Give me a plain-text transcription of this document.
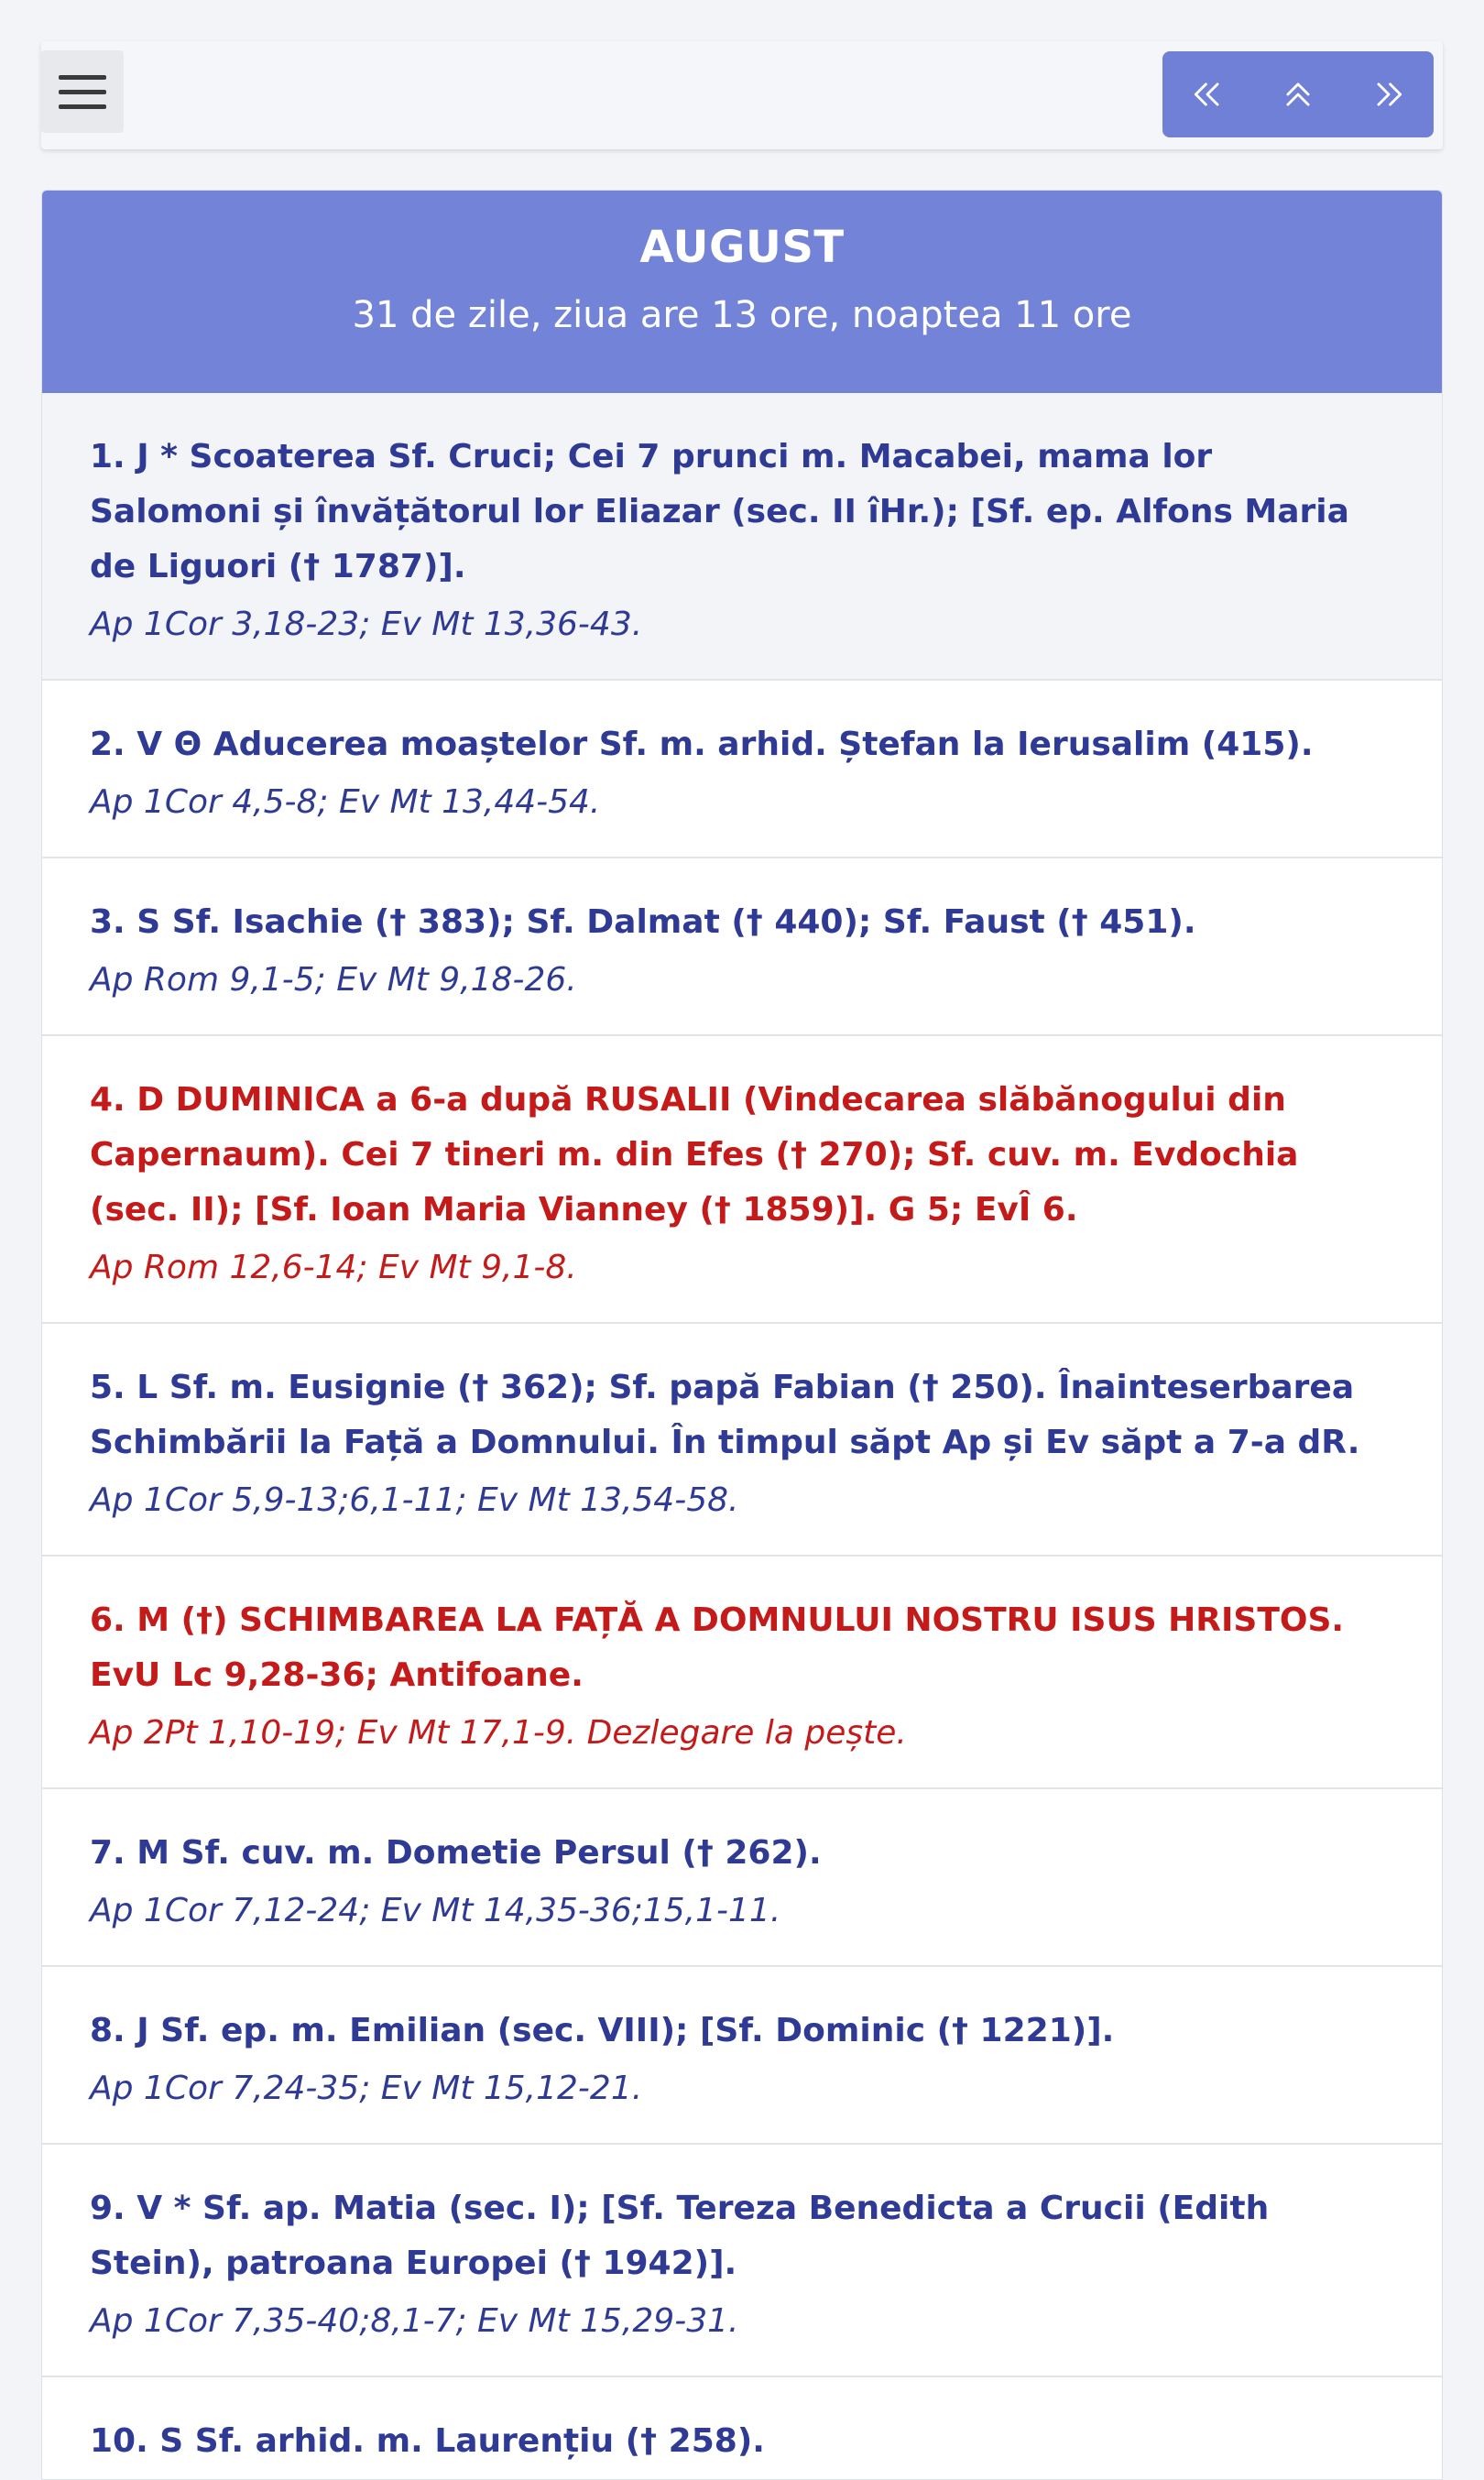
AUGUST
31 de zile, ziua are 13 ore, noaptea 11 ore
1. J * Scoaterea Sf. Cruci; Cei 7 prunci m. Macabei, mama lor Salomoni și învățătorul lor Eliazar (sec. II îHr.); [Sf. ep. Alfons Maria de Liguori († 1787)].
Ap 1Cor 3,18-23; Ev Mt 13,36-43.
2. V Θ Aducerea moaștelor Sf. m. arhid. Ștefan la Ierusalim (415).
Ap 1Cor 4,5-8; Ev Mt 13,44-54.
3. S Sf. Isachie († 383); Sf. Dalmat († 440); Sf. Faust († 451).
Ap Rom 9,1-5; Ev Mt 9,18-26.
4. D DUMINICA a 6-a după RUSALII (Vindecarea slăbănogului din Capernaum). Cei 7 tineri m. din Efes († 270); Sf. cuv. m. Evdochia (sec. II); [Sf. Ioan Maria Vianney († 1859)]. G 5; EvÎ 6.
Ap Rom 12,6-14; Ev Mt 9,1-8.
5. L Sf. m. Eusignie († 362); Sf. papă Fabian († 250). Înainteserbarea Schimbării la Față a Domnului. În timpul săpt Ap și Ev săpt a 7-a dR.
Ap 1Cor 5,9-13;6,1-11; Ev Mt 13,54-58.
6. M (†) SCHIMBAREA LA FAȚĂ A DOMNULUI NOSTRU ISUS HRISTOS. EvU Lc 9,28-36; Antifoane.
Ap 2Pt 1,10-19; Ev Mt 17,1-9. Dezlegare la pește.
7. M Sf. cuv. m. Dometie Persul († 262).
Ap 1Cor 7,12-24; Ev Mt 14,35-36;15,1-11.
8. J Sf. ep. m. Emilian (sec. VIII); [Sf. Dominic († 1221)].
Ap 1Cor 7,24-35; Ev Mt 15,12-21.
9. V * Sf. ap. Matia (sec. I); [Sf. Tereza Benedicta a Crucii (Edith Stein), patroana Europei († 1942)].
Ap 1Cor 7,35-40;8,1-7; Ev Mt 15,29-31.
10. S Sf. arhid. m. Laurențiu († 258).
